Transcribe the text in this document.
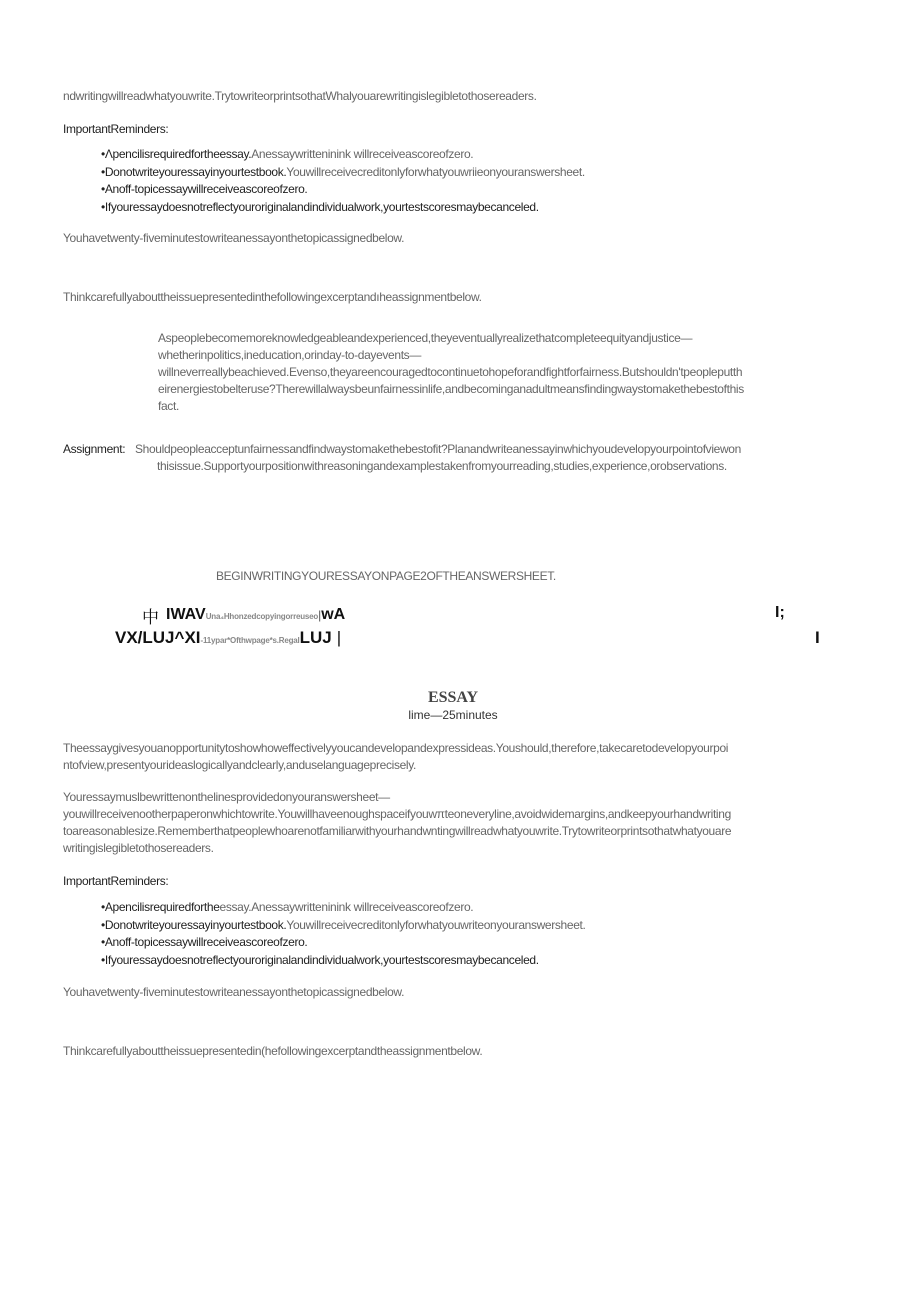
ndwritingwillreadwhatyouwrite.TrytowriteorprintsothatWhalyouarewritingislegibletothosereaders.
ImportantReminders:
•Λpencilisrequiredfortheessay.Anessaywritteninink willreceiveascoreofzero.
•Donotwriteyouressayinyourtestbook.Youwillreceivecreditonlyforwhatyouwriieonyouranswersheet.
•Anoff-topicessaywillreceiveascoreofzero.
•Ifyouressaydoesnotreflectyouroriginalandindividualwork,yourtestscoresmaybecanceled.
Youhavetwenty-fiveminutestowriteanessayonthetopicassignedbelow.
Thinkcarefullyabouttheissuepresentedinthefollowingexcerptandıheassignmentbelow.
Aspeoplebecomemoreknowledgeableandexperienced,theyeventuallyrealizethatcompleteequityandjustice—
whetherinpolitics,ineducation,orinday-to-dayevents—
willneverreallybeachieved.Evenso,theyareencouragedtocontinuetohopeforandfightforfairness.Butshouldn'tpeopleputth
eirenergiestobelteruse?Therewillalwaysbeunfairnessinlife,andbecominganadultmeansfindingwaystomakethebestofthis
fact.
Assignment: Shouldpeopleacceptunfairnessandfindwaystomakethebestofit?Planandwriteanessayinwhichyoudevelopyourpointofviewon
thisissue.Supportyourpositionwithreasoningandexamplestakenfromyourreading,studies,experience,orobservations.
BEGINWRITINGYOURESSAYONPAGE2OFTHEANSWERSHEET.
中 IWAVUna₄Hhonzedcopyingorreuseo|wA	I;
VX/LUJ^XI-11ypar*Ofthwpage*s.RegalLUJ |	I
ESSAY
lime—25minutes
Theessaygivesyouanopportunitytoshowhoweffectivelyyoucandevelopandexpressideas.Youshould,therefore,takecaretodevelopyourpoi
ntofview,presentyourideaslogicallyandclearly,anduselanguageprecisely.
Youressaymuslbewrittenonthelinesprovidedonyouranswersheet—
youwillreceivenootherpaperonwhichtowrite.Youwillhaveenoughspaceifyouwπteoneveryline,avoidwidemargins,andkeepyourhandwriting
toareasonablesize.Rememberthatpeoplewhoarenotfamiliarwithyourhandwntingwillreadwhatyouwrite.Trytowriteorprintsothatwhatyouare
writingislegibletothosereaders.
ImportantReminders:
•Apencilisrequiredfortheessay.Anessaywritteninink willreceiveascoreofzero.
•Donotwriteyouressayinyourtestbook.Youwillreceivecreditonlyforwhatyouwriteonyouranswersheet.
•Anoff-topicessaywillreceiveascoreofzero.
•Ifyouressaydoesnotreflectyouroriginalandindividualwork,yourtestscoresmaybecanceled.
Youhavetwenty-fiveminutestowriteanessayonthetopicassignedbelow.
Thinkcarefullyabouttheissuepresentedin(hefollowingexcerptandtheassignmentbelow.
